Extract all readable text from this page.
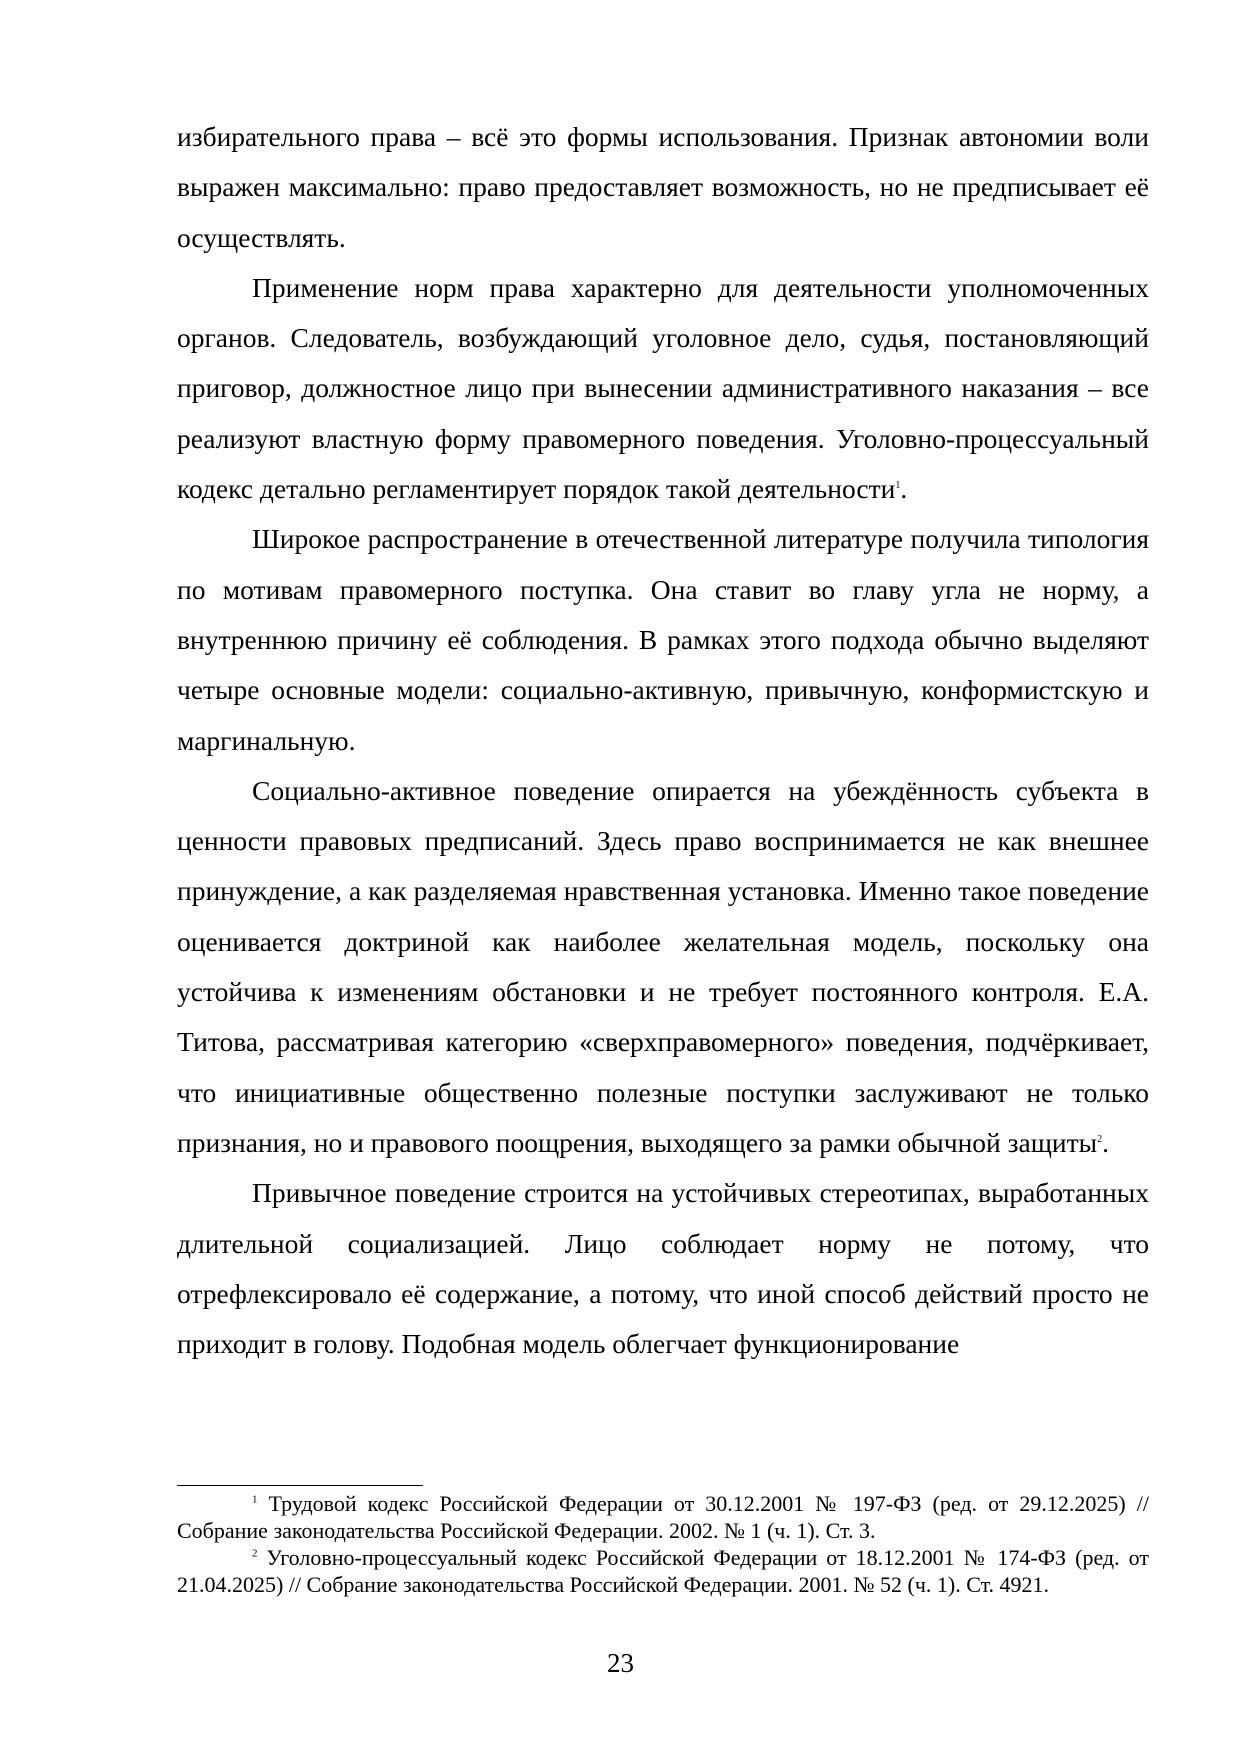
избирательного права – всё это формы использования. Признак автономии воли выражен максимально: право предоставляет возможность, но не предписывает её осуществлять.

Применение норм права характерно для деятельности уполномоченных органов. Следователь, возбуждающий уголовное дело, судья, постановляющий приговор, должностное лицо при вынесении административного наказания – все реализуют властную форму правомерного поведения. Уголовно-процессуальный кодекс детально регламентирует порядок такой деятельности$^1$.

Широкое распространение в отечественной литературе получила типология по мотивам правомерного поступка. Она ставит во главу угла не норму, а внутреннюю причину её соблюдения. В рамках этого подхода обычно выделяют четыре основные модели: социально-активную, привычную, конформистскую и маргинальную.

Социально-активное поведение опирается на убеждённость субъекта в ценности правовых предписаний. Здесь право воспринимается не как внешнее принуждение, а как разделяемая нравственная установка. Именно такое поведение оценивается доктриной как наиболее желательная модель, поскольку она устойчива к изменениям обстановки и не требует постоянного контроля. Е.А. Титова, рассматривая категорию «сверхправомерного» поведения, подчёркивает, что инициативные общественно полезные поступки заслуживают не только признания, но и правового поощрения, выходящего за рамки обычной защиты$^2$.

Привычное поведение строится на устойчивых стереотипах, выработанных длительной социализацией. Лицо соблюдает норму не потому, что отрефлексировало её содержание, а потому, что иной способ действий просто не приходит в голову. Подобная модель облегчает функционирование

$^1$ Трудовой кодекс Российской Федерации от 30.12.2001 № 197-ФЗ (ред. от 29.12.2025) // Собрание законодательства Российской Федерации. 2002. № 1 (ч. 1). Ст. 3.

$^2$ Уголовно-процессуальный кодекс Российской Федерации от 18.12.2001 № 174-ФЗ (ред. от 21.04.2025) // Собрание законодательства Российской Федерации. 2001. № 52 (ч. 1). Ст. 4921.

23
